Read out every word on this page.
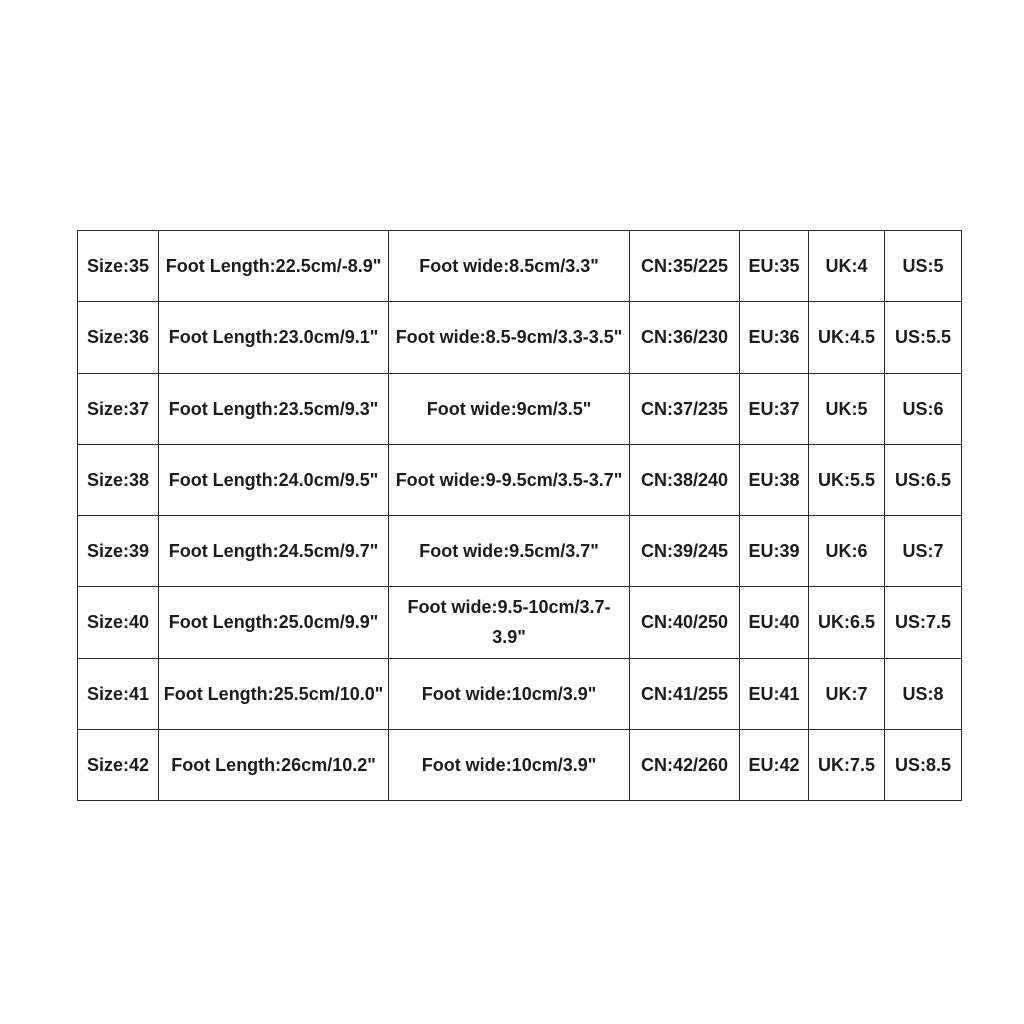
Size:35	Foot Length:22.5cm/-8.9"	Foot wide:8.5cm/3.3"	CN:35/225	EU:35	UK:4	US:5
Size:36	Foot Length:23.0cm/9.1"	Foot wide:8.5-9cm/3.3-3.5"	CN:36/230	EU:36	UK:4.5	US:5.5
Size:37	Foot Length:23.5cm/9.3"	Foot wide:9cm/3.5"	CN:37/235	EU:37	UK:5	US:6
Size:38	Foot Length:24.0cm/9.5"	Foot wide:9-9.5cm/3.5-3.7"	CN:38/240	EU:38	UK:5.5	US:6.5
Size:39	Foot Length:24.5cm/9.7"	Foot wide:9.5cm/3.7"	CN:39/245	EU:39	UK:6	US:7
Size:40	Foot Length:25.0cm/9.9"	Foot wide:9.5-10cm/3.7-3.9"	CN:40/250	EU:40	UK:6.5	US:7.5
Size:41	Foot Length:25.5cm/10.0"	Foot wide:10cm/3.9"	CN:41/255	EU:41	UK:7	US:8
Size:42	Foot Length:26cm/10.2"	Foot wide:10cm/3.9"	CN:42/260	EU:42	UK:7.5	US:8.5
